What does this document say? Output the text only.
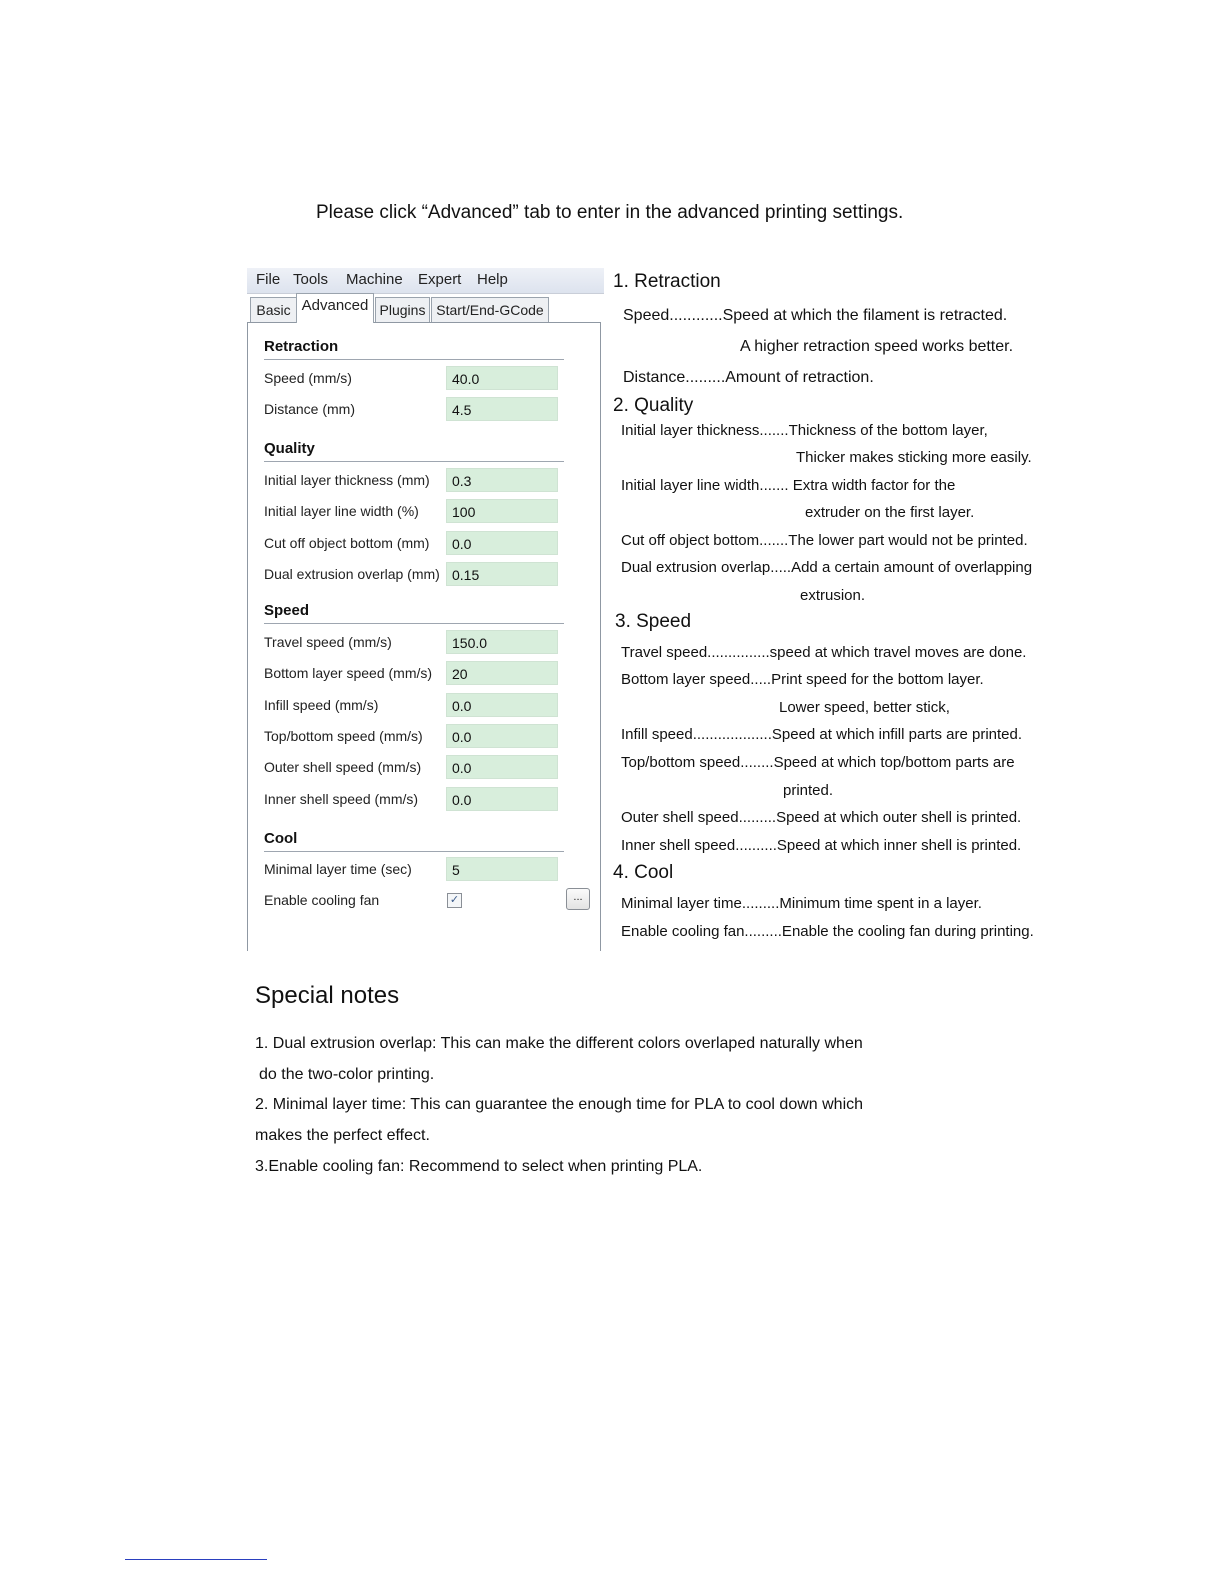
Please click “Advanced” tab to enter in the advanced printing settings.
File Tools Machine Expert Help
Basic Advanced Plugins Start/End-GCode
Retraction
Speed (mm/s)	40.0
Distance (mm)	4.5
Quality
Initial layer thickness (mm)	0.3
Initial layer line width (%)	100
Cut off object bottom (mm)	0.0
Dual extrusion overlap (mm) 0.15
Speed
Travel speed (mm/s)	150.0
Bottom layer speed (mm/s)	20
Infill speed (mm/s)	0.0
Top/bottom speed (mm/s)	0.0
Outer shell speed (mm/s)	0.0
Inner shell speed (mm/s)	0.0
Cool
Minimal layer time (sec)	5
Enable cooling fan	✓	...
1. Retraction
Speed............Speed at which the filament is retracted.
A higher retraction speed works better.
Distance.........Amount of retraction.
2. Quality
Initial layer thickness.......Thickness of the bottom layer,
Thicker makes sticking more easily.
Initial layer line width....... Extra width factor for the
extruder on the first layer.
Cut off object bottom.......The lower part would not be printed.
Dual extrusion overlap.....Add a certain amount of overlapping
extrusion.
3. Speed
Travel speed...............speed at which travel moves are done.
Bottom layer speed.....Print speed for the bottom layer.
Lower speed, better stick,
Infill speed...................Speed at which infill parts are printed.
Top/bottom speed........Speed at which top/bottom parts are
printed.
Outer shell speed.........Speed at which outer shell is printed.
Inner shell speed..........Speed at which inner shell is printed.
4. Cool
Minimal layer time.........Minimum time spent in a layer.
Enable cooling fan.........Enable the cooling fan during printing.
Special notes
1. Dual extrusion overlap: This can make the different colors overlaped naturally when
do the two-color printing.
2. Minimal layer time: This can guarantee the enough time for PLA to cool down which
makes the perfect effect.
3.Enable cooling fan: Recommend to select when printing PLA.
